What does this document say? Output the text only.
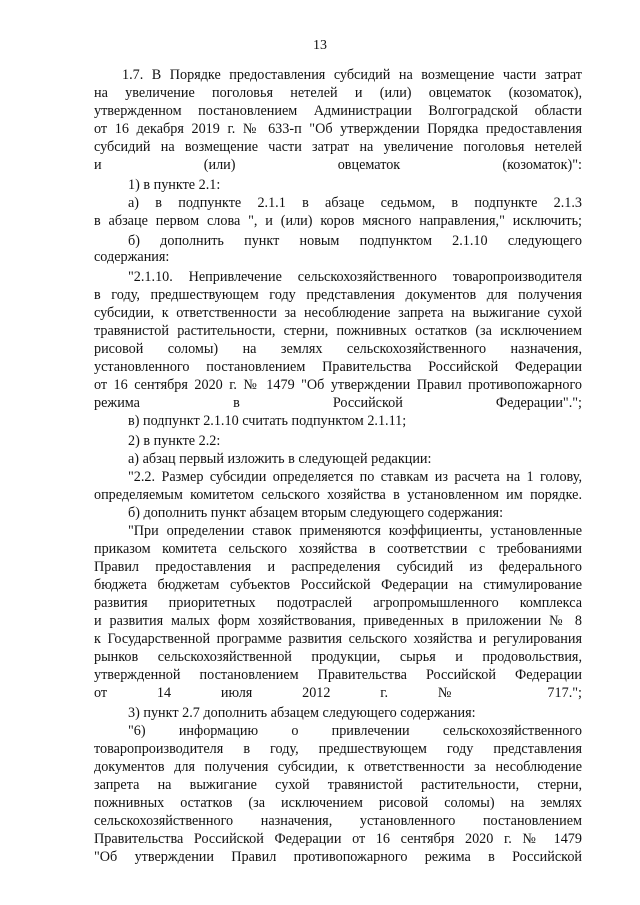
13
1.7. В Порядке предоставления субсидий на возмещение части затрат
на увеличение поголовья нетелей и (или) овцематок (козоматок),
утвержденном постановлением Администрации Волгоградской области
от 16 декабря 2019 г. № 633-п "Об утверждении Порядка предоставления
субсидий на возмещение части затрат на увеличение поголовья нетелей
и (или) овцематок (козоматок)":
1) в пункте 2.1:
а) в подпункте 2.1.1 в абзаце седьмом, в подпункте 2.1.3
в абзаце первом слова ", и (или) коров мясного направления," исключить;
б) дополнить пункт новым подпунктом 2.1.10 следующего
содержания:
"2.1.10. Непривлечение сельскохозяйственного товаропроизводителя
в году, предшествующем году представления документов для получения
субсидии, к ответственности за несоблюдение запрета на выжигание сухой
травянистой растительности, стерни, пожнивных остатков (за исключением
рисовой соломы) на землях сельскохозяйственного назначения,
установленного постановлением Правительства Российской Федерации
от 16 сентября 2020 г. № 1479 "Об утверждении Правил противопожарного
режима в Российской Федерации".";
в) подпункт 2.1.10 считать подпунктом 2.1.11;
2) в пункте 2.2:
а) абзац первый изложить в следующей редакции:
"2.2. Размер субсидии определяется по ставкам из расчета на 1 голову,
определяемым комитетом сельского хозяйства в установленном им порядке.
б) дополнить пункт абзацем вторым следующего содержания:
"При определении ставок применяются коэффициенты, установленные
приказом комитета сельского хозяйства в соответствии с требованиями
Правил предоставления и распределения субсидий из федерального
бюджета бюджетам субъектов Российской Федерации на стимулирование
развития приоритетных подотраслей агропромышленного комплекса
и развития малых форм хозяйствования, приведенных в приложении № 8
к Государственной программе развития сельского хозяйства и регулирования
рынков сельскохозяйственной продукции, сырья и продовольствия,
утвержденной постановлением Правительства Российской Федерации
от 14 июля 2012 г. № 717.";
3) пункт 2.7 дополнить абзацем следующего содержания:
"6) информацию о привлечении сельскохозяйственного
товаропроизводителя в году, предшествующем году представления
документов для получения субсидии, к ответственности за несоблюдение
запрета на выжигание сухой травянистой растительности, стерни,
пожнивных остатков (за исключением рисовой соломы) на землях
сельскохозяйственного назначения, установленного постановлением
Правительства Российской Федерации от 16 сентября 2020 г. № 1479
"Об утверждении Правил противопожарного режима в Российской
